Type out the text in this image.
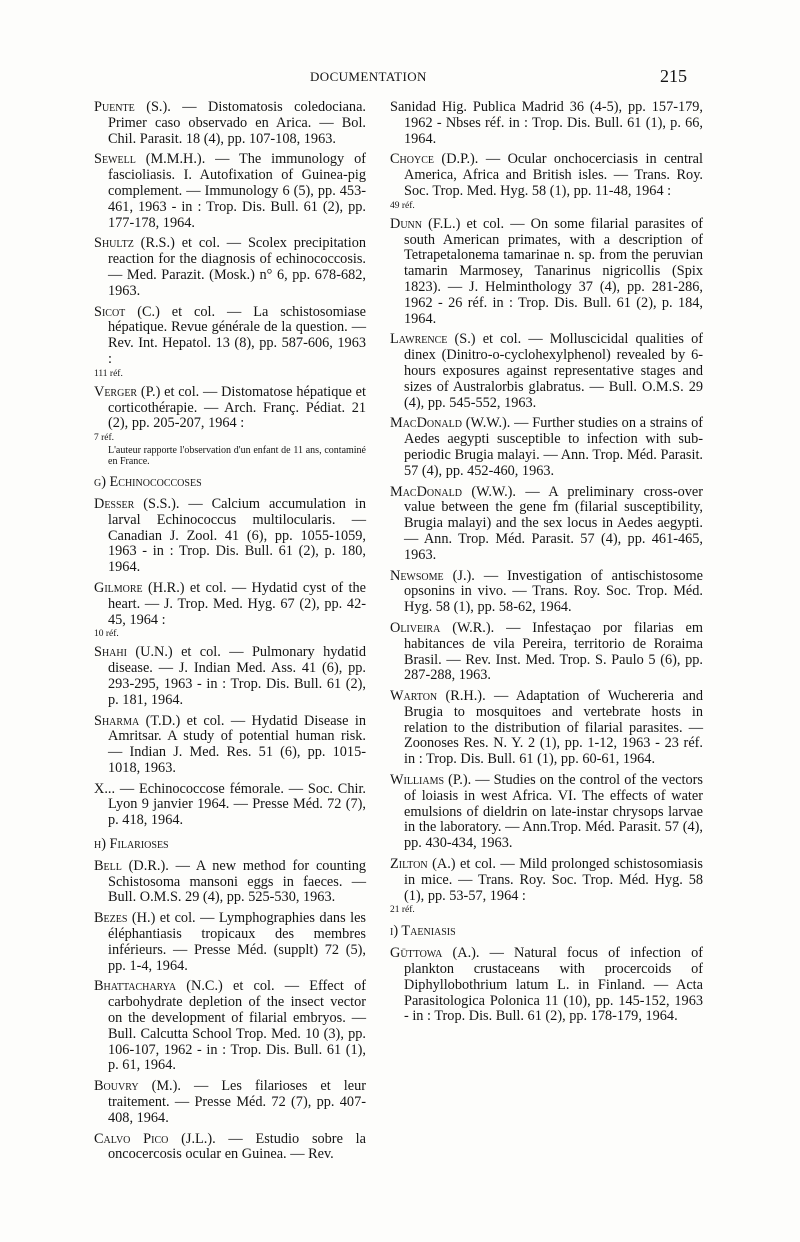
DOCUMENTATION	215

Puente (S.). — Distomatosis coledociana. Primer caso observado en Arica. — Bol. Chil. Parasit. 18 (4), pp. 107-108, 1963.

Sewell (M.M.H.). — The immunology of fascioliasis. I. Autofixation of Guinea-pig complement. — Immunology 6 (5), pp. 453-461, 1963 - in : Trop. Dis. Bull. 61 (2), pp. 177-178, 1964.

Shultz (R.S.) et col. — Scolex precipitation reaction for the diagnosis of echinococcosis. — Med. Parazit. (Mosk.) n° 6, pp. 678-682, 1963.

Sicot (C.) et col. — La schistosomiase hépatique. Revue générale de la question. — Rev. Int. Hepatol. 13 (8), pp. 587-606, 1963 :
111 réf.

Verger (P.) et col. — Distomatose hépatique et corticothérapie. — Arch. Franç. Pédiat. 21 (2), pp. 205-207, 1964 :
7 réf.
L'auteur rapporte l'observation d'un enfant de 11 ans, contaminé en France.

g) Echinococcoses

Desser (S.S.). — Calcium accumulation in larval Echinococcus multilocularis. — Canadian J. Zool. 41 (6), pp. 1055-1059, 1963 - in : Trop. Dis. Bull. 61 (2), p. 180, 1964.

Gilmore (H.R.) et col. — Hydatid cyst of the heart. — J. Trop. Med. Hyg. 67 (2), pp. 42-45, 1964 :
10 réf.

Shahi (U.N.) et col. — Pulmonary hydatid disease. — J. Indian Med. Ass. 41 (6), pp. 293-295, 1963 - in : Trop. Dis. Bull. 61 (2), p. 181, 1964.

Sharma (T.D.) et col. — Hydatid Disease in Amritsar. A study of potential human risk. — Indian J. Med. Res. 51 (6), pp. 1015-1018, 1963.

X... — Echinococcose fémorale. — Soc. Chir. Lyon 9 janvier 1964. — Presse Méd. 72 (7), p. 418, 1964.

h) Filarioses

Bell (D.R.). — A new method for counting Schistosoma mansoni eggs in faeces. — Bull. O.M.S. 29 (4), pp. 525-530, 1963.

Bezes (H.) et col. — Lymphographies dans les éléphantiasis tropicaux des membres inférieurs. — Presse Méd. (supplt) 72 (5), pp. 1-4, 1964.

Bhattacharya (N.C.) et col. — Effect of carbohydrate depletion of the insect vector on the development of filarial embryos. — Bull. Calcutta School Trop. Med. 10 (3), pp. 106-107, 1962 - in : Trop. Dis. Bull. 61 (1), p. 61, 1964.

Bouvry (M.). — Les filarioses et leur traitement. — Presse Méd. 72 (7), pp. 407-408, 1964.

Calvo Pico (J.L.). — Estudio sobre la oncocercosis ocular en Guinea. — Rev.

Sanidad Hig. Publica Madrid 36 (4-5), pp. 157-179, 1962 - Nbses réf. in : Trop. Dis. Bull. 61 (1), p. 66, 1964.

Choyce (D.P.). — Ocular onchocerciasis in central America, Africa and British isles. — Trans. Roy. Soc. Trop. Med. Hyg. 58 (1), pp. 11-48, 1964 :
49 réf.

Dunn (F.L.) et col. — On some filarial parasites of south American primates, with a description of Tetrapetalonema tamarinae n. sp. from the peruvian tamarin Marmosey, Tanarinus nigricollis (Spix 1823). — J. Helminthology 37 (4), pp. 281-286, 1962 - 26 réf. in : Trop. Dis. Bull. 61 (2), p. 184, 1964.

Lawrence (S.) et col. — Molluscicidal qualities of dinex (Dinitro-o-cyclohexylphenol) revealed by 6-hours exposures against representative stages and sizes of Australorbis glabratus. — Bull. O.M.S. 29 (4), pp. 545-552, 1963.

MacDonald (W.W.). — Further studies on a strains of Aedes aegypti susceptible to infection with sub-periodic Brugia malayi. — Ann. Trop. Méd. Parasit. 57 (4), pp. 452-460, 1963.

MacDonald (W.W.). — A preliminary cross-over value between the gene fm (filarial susceptibility, Brugia malayi) and the sex locus in Aedes aegypti. — Ann. Trop. Méd. Parasit. 57 (4), pp. 461-465, 1963.

Newsome (J.). — Investigation of antischistosome opsonins in vivo. — Trans. Roy. Soc. Trop. Méd. Hyg. 58 (1), pp. 58-62, 1964.

Oliveira (W.R.). — Infestaçao por filarias em habitances de vila Pereira, territorio de Roraima Brasil. — Rev. Inst. Med. Trop. S. Paulo 5 (6), pp. 287-288, 1963.

Warton (R.H.). — Adaptation of Wuchereria and Brugia to mosquitoes and vertebrate hosts in relation to the distribution of filarial parasites. — Zoonoses Res. N. Y. 2 (1), pp. 1-12, 1963 - 23 réf. in : Trop. Dis. Bull. 61 (1), pp. 60-61, 1964.

Williams (P.). — Studies on the control of the vectors of loiasis in west Africa. VI. The effects of water emulsions of dieldrin on late-instar chrysops larvae in the laboratory. — Ann.Trop. Méd. Parasit. 57 (4), pp. 430-434, 1963.

Zilton (A.) et col. — Mild prolonged schistosomiasis in mice. — Trans. Roy. Soc. Trop. Méd. Hyg. 58 (1), pp. 53-57, 1964 :
21 réf.

i) Taeniasis

Güttowa (A.). — Natural focus of infection of plankton crustaceans with procercoids of Diphyllobothrium latum L. in Finland. — Acta Parasitologica Polonica 11 (10), pp. 145-152, 1963 - in : Trop. Dis. Bull. 61 (2), pp. 178-179, 1964.
